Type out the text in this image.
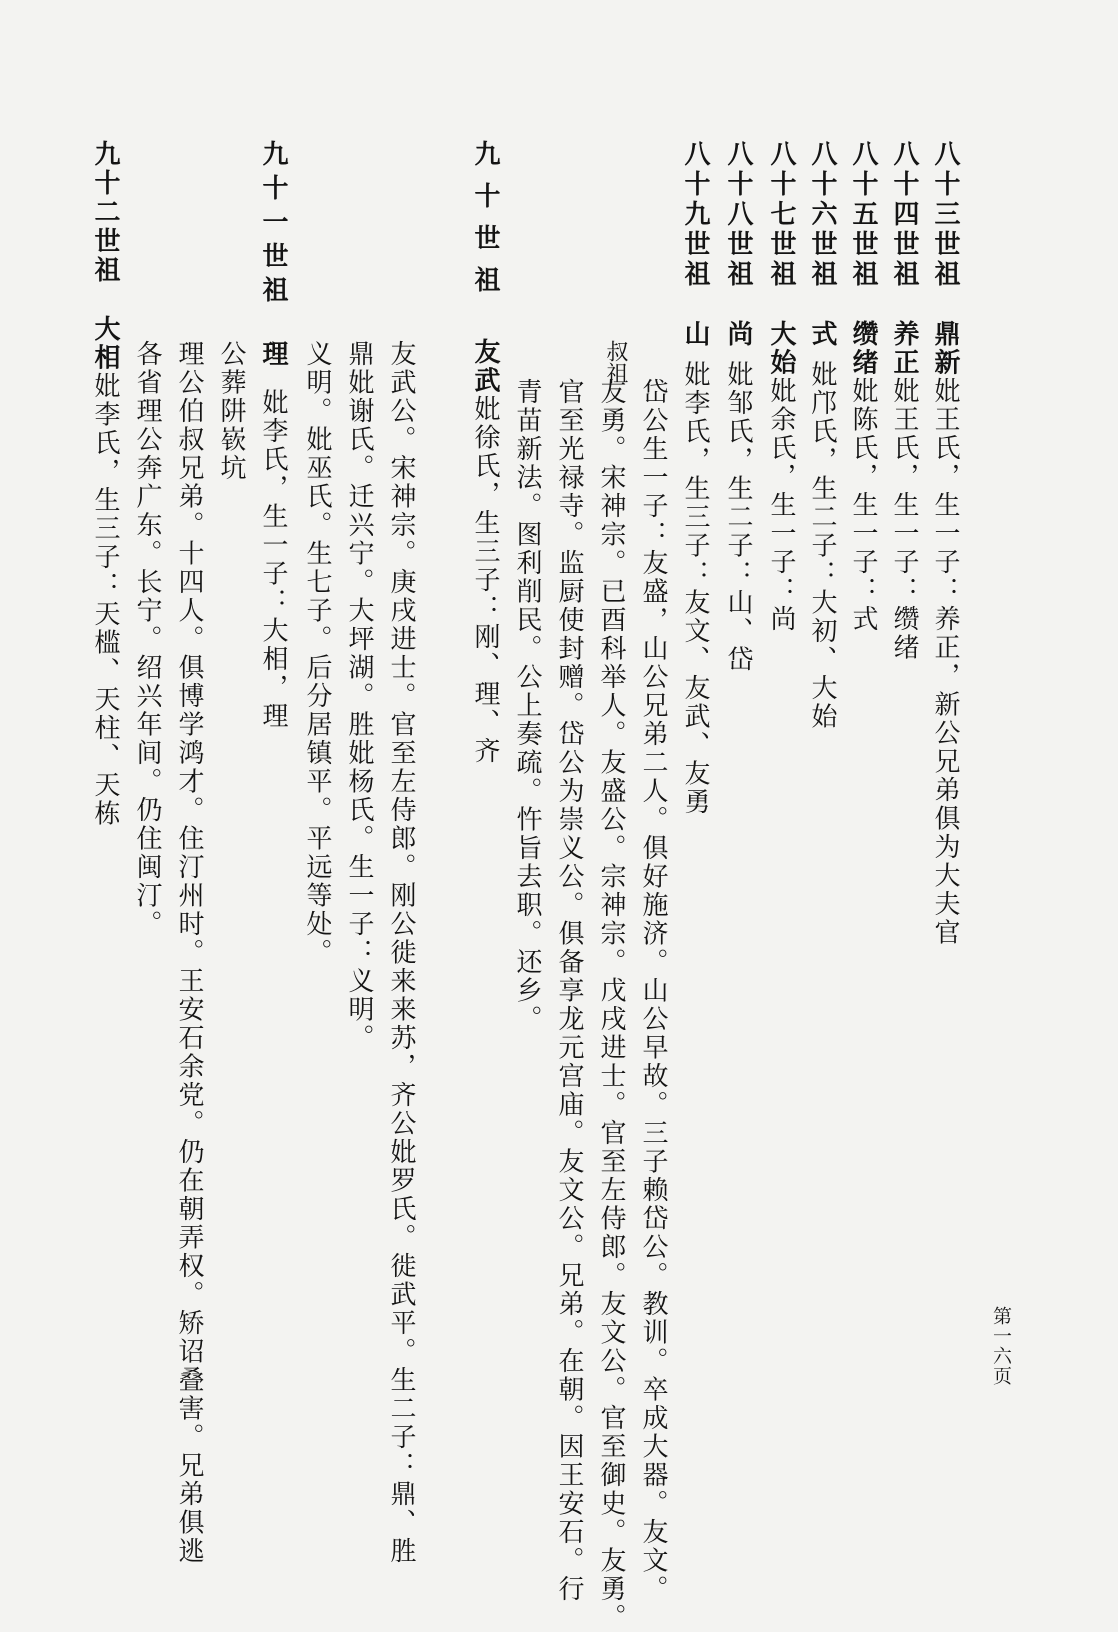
第一六页
八十三世祖鼎新妣王氏，生一子：养正，新公兄弟俱为大夫官
八十四世祖养正妣王氏，生一子：缵绪
八十五世祖缵绪妣陈氏，生一子：式
八十六世祖式妣邝氏，生二子：大初、大始
八十七世祖大始妣余氏，生一子：尚
八十八世祖尚妣邹氏，生二子：山、岱
八十九世祖山妣李氏，生三子：友文、友武、友勇
叔祖
岱公生一子：友盛，山公兄弟二人。俱好施济。山公早故。三子赖岱公。教训。卒成大器。友文。
友勇。宋神宗。已酉科举人。友盛公。宗神宗。戊戌进士。官至左侍郎。友文公。官至御史。友勇。
官至光禄寺。监厨使封赠。岱公为崇义公。俱备享龙元宫庙。友文公。兄弟。在朝。因王安石。行
青苗新法。图利削民。公上奏疏。忤旨去职。还乡。
九十世祖友武妣徐氏，生三子：刚、理、齐
友武公。宋神宗。庚戌进士。官至左侍郎。刚公徙来来苏，齐公妣罗氏。徙武平。生二子：鼎、胜
鼎妣谢氏。迁兴宁。大坪湖。胜妣杨氏。生一子：义明。
义明。妣巫氏。生七子。后分居镇平。平远等处。
九十一世祖理妣李氏，生一子：大相，理
公葬阱嵚坑
理公伯叔兄弟。十四人。俱博学鸿才。住汀州时。王安石余党。仍在朝弄权。矫诏叠害。兄弟俱逃
各省理公奔广东。长宁。绍兴年间。仍住闽汀。
九十二世祖大相妣李氏，生三子：天槛、天柱、天栋
